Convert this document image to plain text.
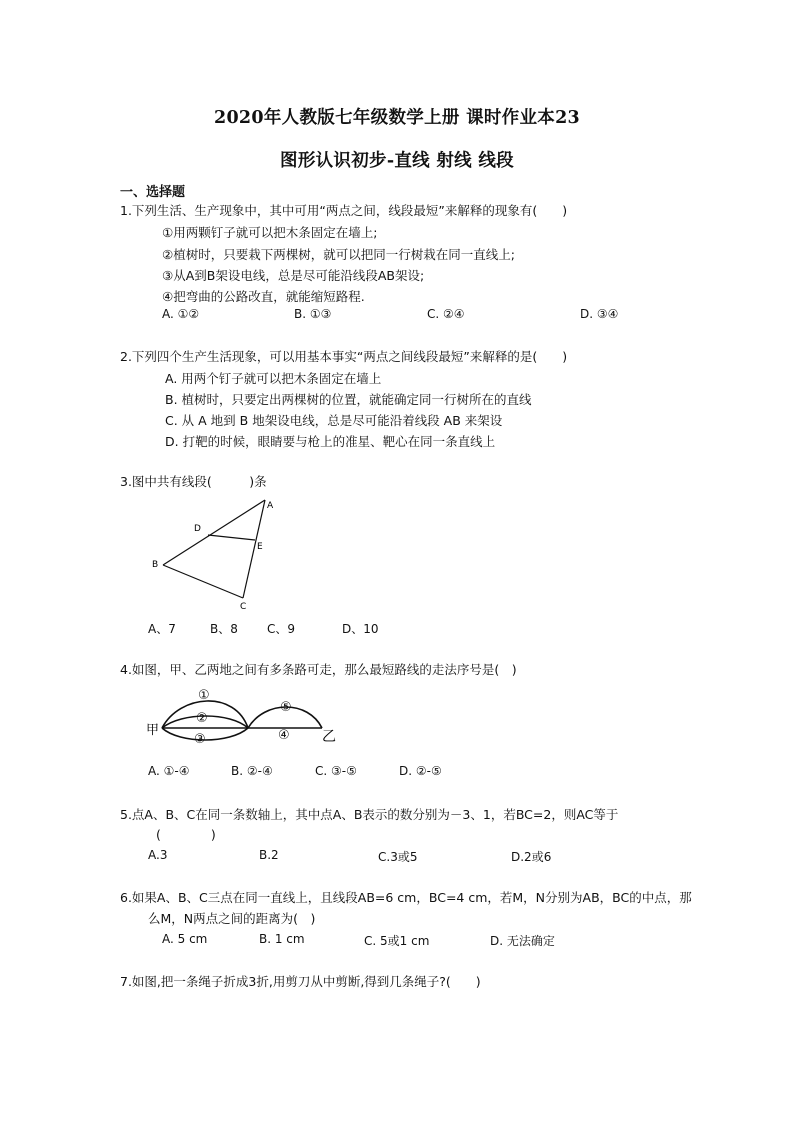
2020年人教版七年级数学上册 课时作业本23
图形认识初步-直线 射线 线段
一、选择题
1.下列生活、生产现象中，其中可用“两点之间，线段最短”来解释的现象有(　　)
①用两颗钉子就可以把木条固定在墙上;
②植树时，只要栽下两棵树，就可以把同一行树栽在同一直线上;
③从A到B架设电线，总是尽可能沿线段AB架设;
④把弯曲的公路改直，就能缩短路程.
A. ①②	B. ①③	C. ②④	D. ③④
2.下列四个生产生活现象，可以用基本事实“两点之间线段最短”来解释的是(　　)
A. 用两个钉子就可以把木条固定在墙上
B. 植树时，只要定出两棵树的位置，就能确定同一行树所在的直线
C. 从 A 地到 B 地架设电线，总是尽可能沿着线段 AB 来架设
D. 打靶的时候，眼睛要与枪上的准星、靶心在同一条直线上
3.图中共有线段(　　　)条
A
D
E
B
C
A、7	B、8 C、9	D、10
4.如图，甲、乙两地之间有多条路可走，那么最短路线的走法序号是(　)
①
②
③	④
⑤
甲	乙
A. ①-④	B. ②-④	C. ③-⑤	D. ②-⑤
5.点A、B、C在同一条数轴上，其中点A、B表示的数分别为－3、1，若BC=2，则AC等于
(　　　　)
A.3	B.2	C.3或5	D.2或6
6.如果A、B、C三点在同一直线上，且线段AB=6 cm，BC=4 cm，若M，N分别为AB，BC的中点，那
么M，N两点之间的距离为(　)
A. 5 cm	B. 1 cm	C. 5或1 cm	D. 无法确定
7.如图,把一条绳子折成3折,用剪刀从中剪断,得到几条绳子?(　　)
